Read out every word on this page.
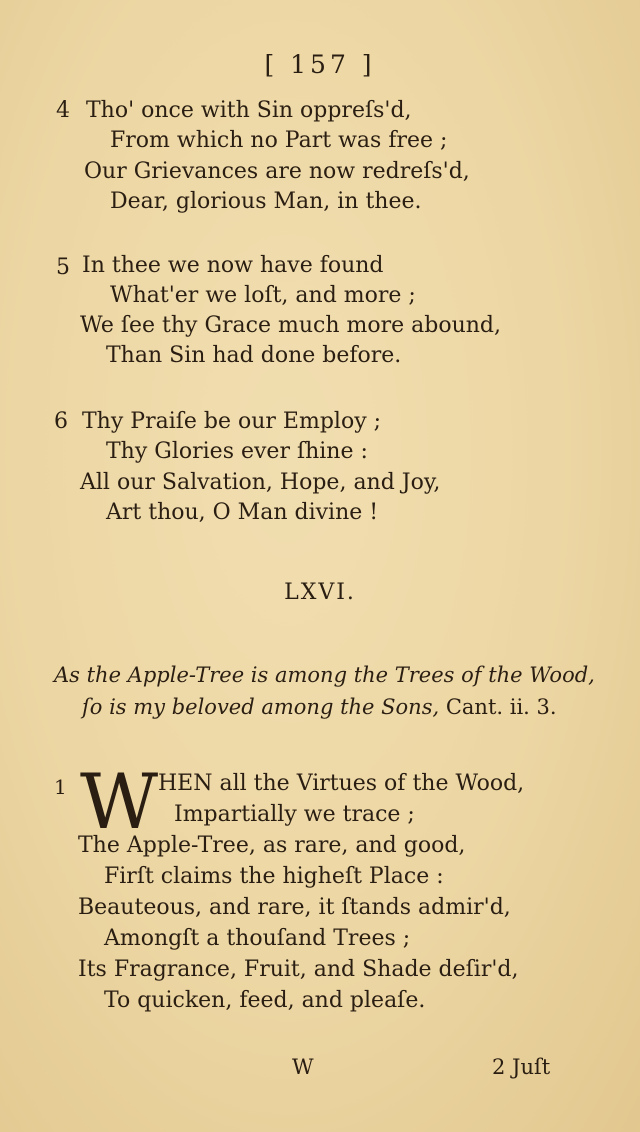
[ 157 ]
4 Tho' once with Sin oppreſs'd,
From which no Part was free ;
Our Grievances are now redreſs'd,
Dear, glorious Man, in thee.
5 In thee we now have found
What'er we loſt, and more ;
We ſee thy Grace much more abound,
Than Sin had done before.
6 Thy Praiſe be our Employ ;
Thy Glories ever ſhine :
All our Salvation, Hope, and Joy,
Art thou, O Man divine !
LXVI.
As the Apple-Tree is among the Trees of the Wood,
ſo is my beloved among the Sons, Cant. ii. 3.
1 W HEN all the Virtues of the Wood,
Impartially we trace ;
The Apple-Tree, as rare, and good,
Firſt claims the higheſt Place :
Beauteous, and rare, it ſtands admir'd,
Amongſt a thouſand Trees ;
Its Fragrance, Fruit, and Shade deſir'd,
To quicken, feed, and pleaſe.
W	2 Juſt
